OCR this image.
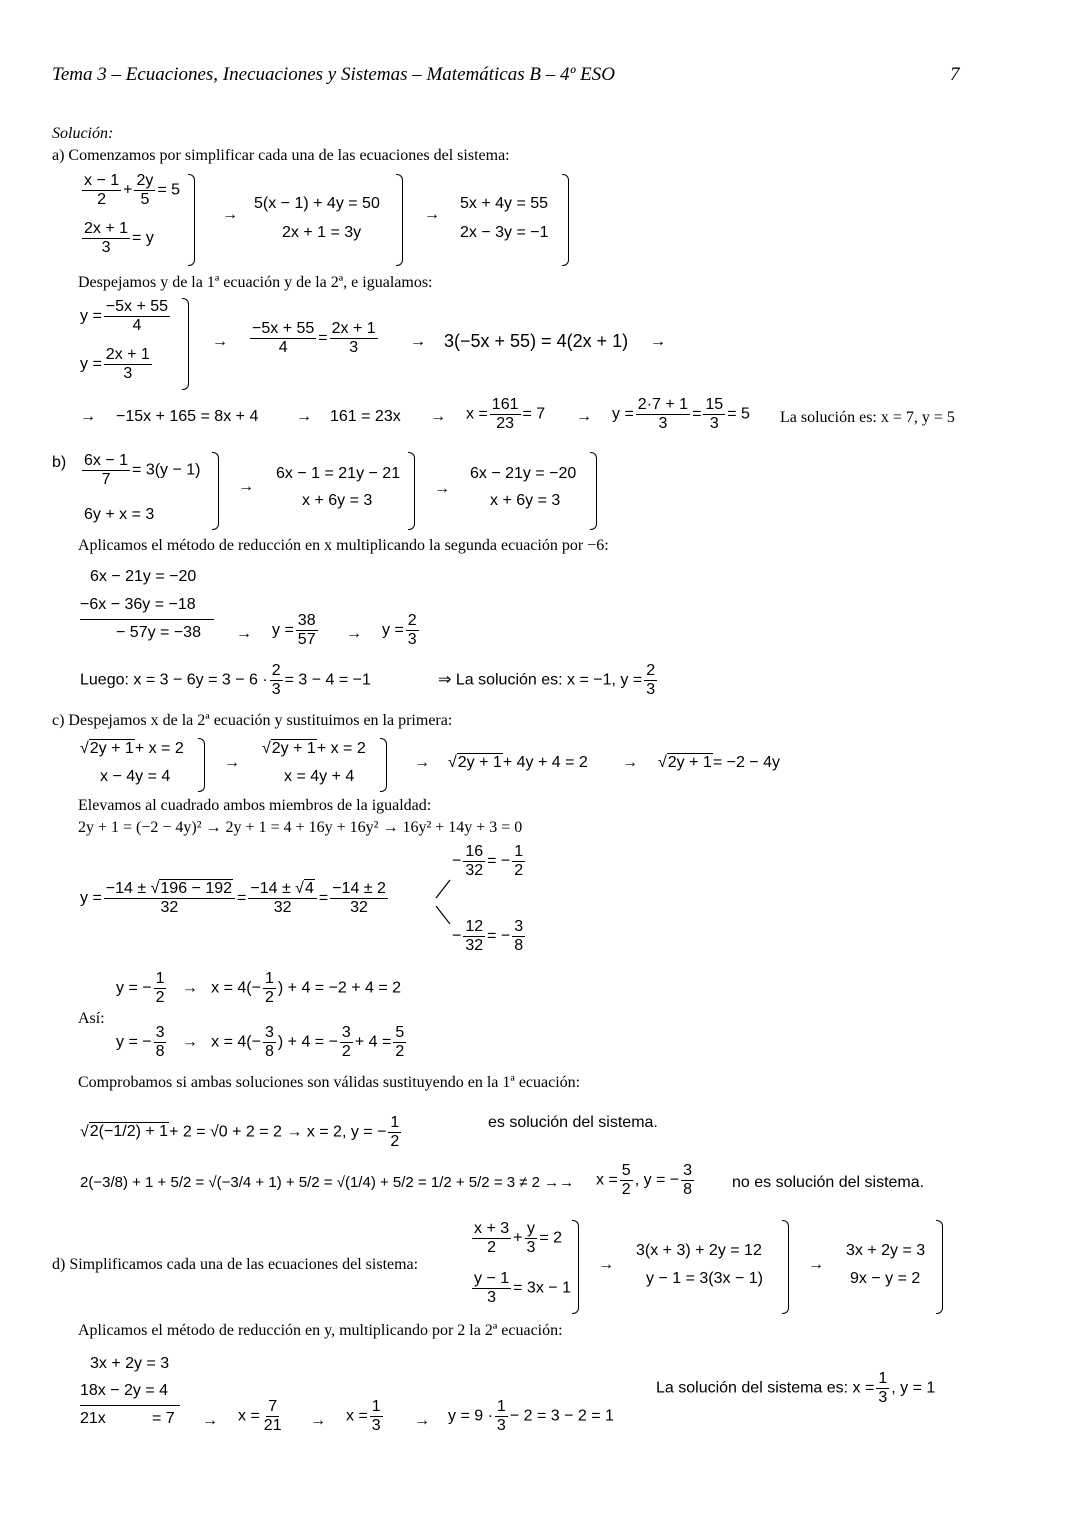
Tema 3 – Ecuaciones, Inecuaciones y Sistemas – Matemáticas B – 4º ESO	7
Solución:
a) Comenzamos por simplificar cada una de las ecuaciones del sistema:
$\frac{x - 1}{2} + \frac{2y}{5} = 5$
$\frac{2x + 1}{3} = y$
→
5(x − 1) + 4y = 50
2x + 1 = 3y
→
5x + 4y = 55
2x − 3y = −1
Despejamos y de la 1ª ecuación y de la 2ª, e igualamos:
$y = \frac{-5x + 55}{4}$
$y = \frac{2x + 1}{3}$
→ $\frac{-5x + 55}{4} = \frac{2x + 1}{3} \to 3(-5x + 55) = 4(2x + 1)$ →
→ $-15x + 165 = 8x + 4 \to 161 = 23x \to x = \frac{161}{23} = 7 \to y = \frac{2\cdot 7 + 1}{3} = \frac{15}{3} = 5$ La solución es: x = 7, y = 5
$b) \frac{6x - 1}{7} = 3(y - 1)$
6y + x = 3
→
6x − 1 = 21y − 21
x + 6y = 3
→
6x − 21y = −20
x + 6y = 3
Aplicamos el método de reducción en x multiplicando la segunda ecuación por −6:
6x − 21y = −20
−6x − 36y = −18
− $57y = -38 \to y = \frac{38}{57} \to y = \frac{2}{3}$
Luego: $x = 3 - 6y = 3 - 6 \cdot \frac{2}{3} = 3 - 4 = -1$	⇒ La solución es: x = −1, $y = \frac{2}{3}$
c) Despejamos x de la 2ª ecuación y sustituimos en la primera:
√2y + 1+ x = 2
x − 4y = 4
→
√2y + 1+ x = 2
x = 4y + 4
→ √2y + 1+ 4y + 4 = 2 → √2y + 1= −2 − 4y
Elevamos al cuadrado ambos miembros de la igualdad:
2y + 1 = (−2 − 4y)² → 2y + 1 = 4 + 16y + 16y² → 16y² + 14y + 3 = 0
− $\frac{16}{32}$ = − $\frac{1}{2}$
$y = \frac{-14 \pm √196 - 192}{32} = \frac{-14 \pm √4}{32} = \frac{-14 \pm 2}{32}$
− $\frac{12}{32}$ = − $\frac{3}{8}$
y = − $\frac{1}{2} \to x = 4(- \frac{1}{2}$ ) + 4 = −2 + 4 = 2
Así:
y = − $\frac{3}{8} \to x = 4(- \frac{3}{8}$ ) + 4 = − $\frac{3}{2} + 4 = \frac{5}{2}$
Comprobamos si ambas soluciones son válidas sustituyendo en la 1ª ecuación:
√2(−1/2) + 1+ 2 = √0 + 2 = 2 → x = 2, y = − $\frac{1}{2}$	es solución del sistema.
$2(-3/8) + 1 + 5/2 = √(-3/4 + 1) + 5/2 = √(1/4) + 5/2 = 1/2 + 5/2 = 3 \ne 2 \to\to x = \frac{5}{2}$ , y = − $\frac{3}{8}$ no es solución del sistema.
d) Simplificamos cada una de las ecuaciones del sistema:
$\frac{x + 3}{2} + \frac{y}{3} = 2$
$\frac{y - 1}{3} = 3x - 1$
→
3(x + 3) + 2y = 12
y − 1 = 3(3x − 1)
→
3x + 2y = 3
9x − y = 2
Aplicamos el método de reducción en y, multiplicando por 2 la 2ª ecuación:
3x + 2y = 3
18x − 2y = 4
21x	= $7 \to x = \frac{7}{21} \to x = \frac{1}{3} \to y = 9 \cdot \frac{1}{3} - 2 = 3 - 2 = 1$
La solución del sistema es: $x = \frac{1}{3}$ , y = 1
